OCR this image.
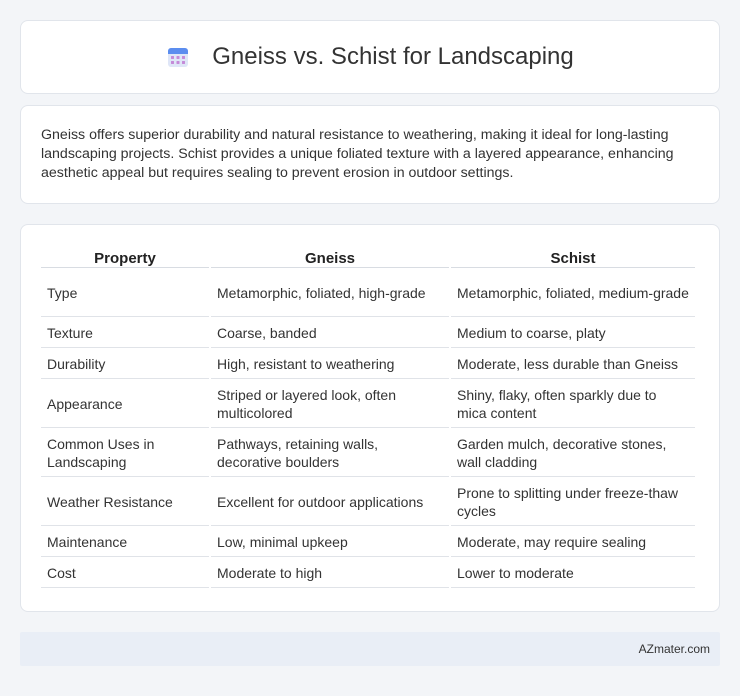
Gneiss vs. Schist for Landscaping

Gneiss offers superior durability and natural resistance to weathering, making it ideal for long-lasting landscaping projects. Schist provides a unique foliated texture with a layered appearance, enhancing aesthetic appeal but requires sealing to prevent erosion in outdoor settings.

Property	Gneiss	Schist
Type	Metamorphic, foliated, high-grade	Metamorphic, foliated, medium-grade
Texture	Coarse, banded	Medium to coarse, platy
Durability	High, resistant to weathering	Moderate, less durable than Gneiss
Appearance	Striped or layered look, often multicolored	Shiny, flaky, often sparkly due to mica content
Common Uses in Landscaping	Pathways, retaining walls, decorative boulders	Garden mulch, decorative stones, wall cladding
Weather Resistance	Excellent for outdoor applications	Prone to splitting under freeze-thaw cycles
Maintenance	Low, minimal upkeep	Moderate, may require sealing
Cost	Moderate to high	Lower to moderate
AZmater.com
